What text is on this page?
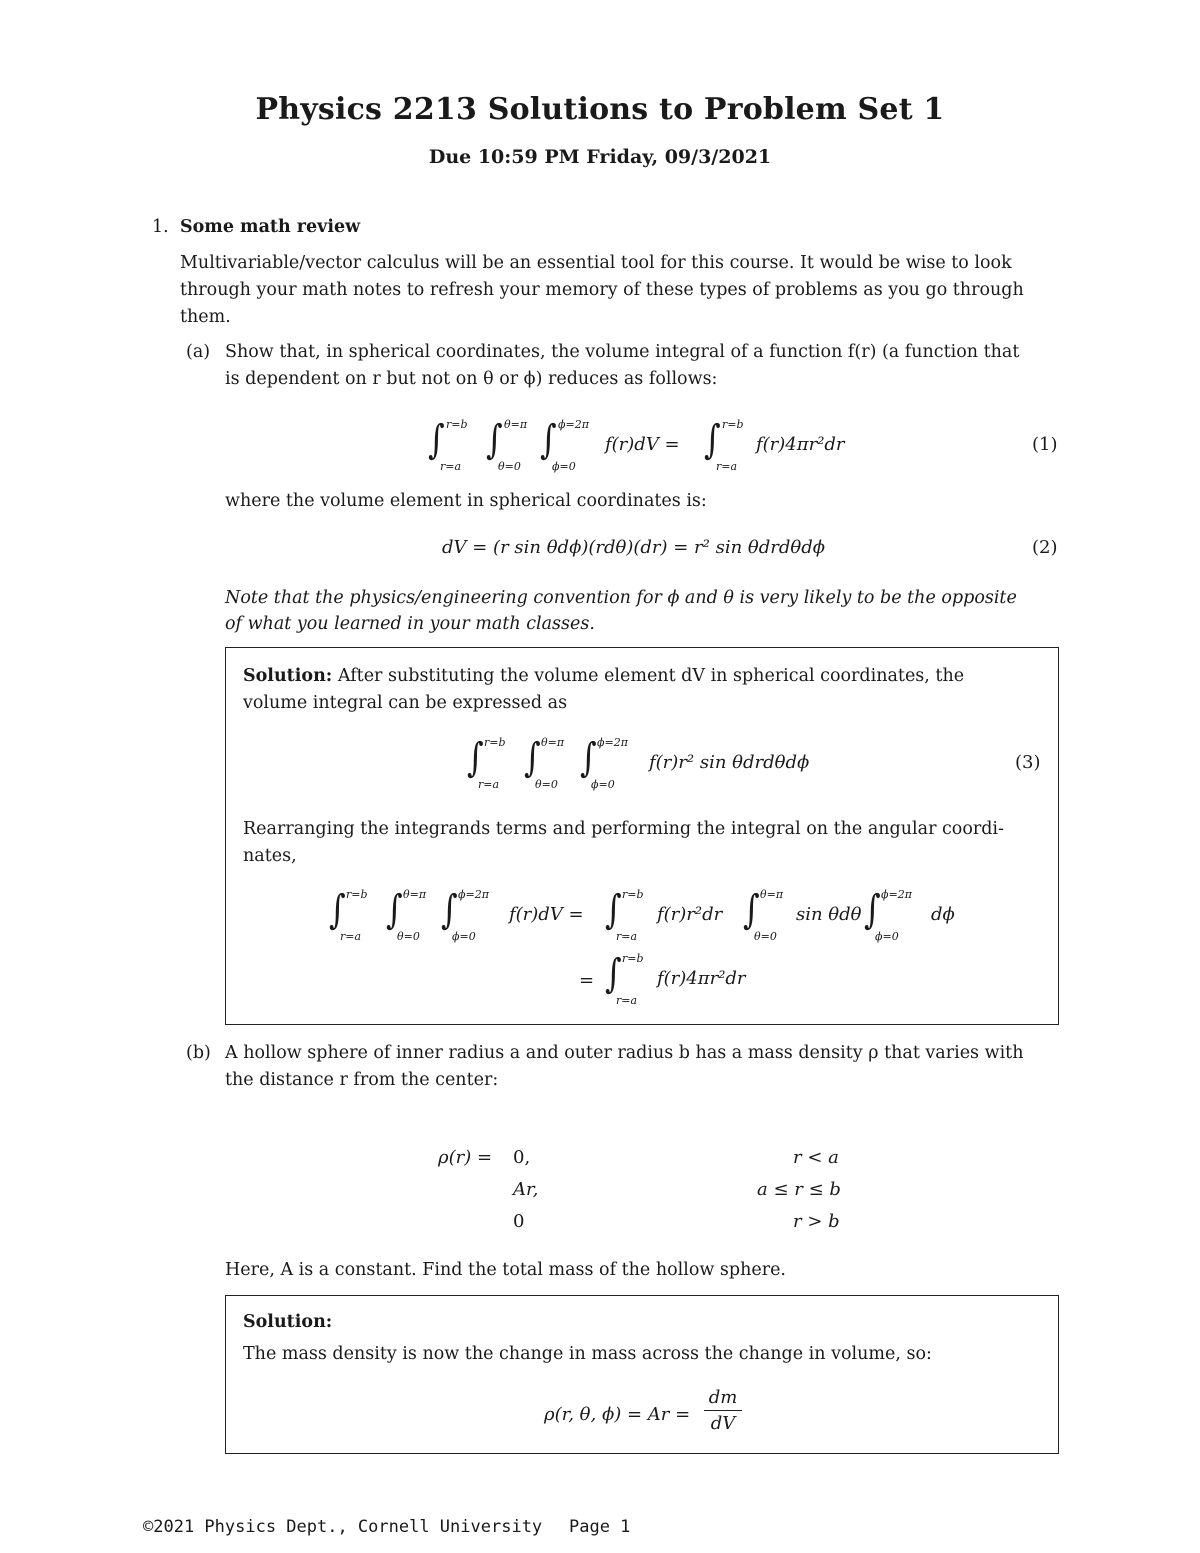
Physics 2213 Solutions to Problem Set 1
Due 10:59 PM Friday, 09/3/2021
1. Some math review
Multivariable/vector calculus will be an essential tool for this course. It would be wise to look
through your math notes to refresh your memory of these types of problems as you go through
them.
(a) Show that, in spherical coordinates, the volume integral of a function f(r) (a function that
is dependent on r but not on θ or ϕ) reduces as follows:
∫ r=b
r=a
∫ θ=π
θ=0
∫ ϕ=2π
ϕ=0
f(r)dV = ∫ r=b
r=a
f(r)4πr²dr	(1)
where the volume element in spherical coordinates is:
dV = (r sin θdϕ)(rdθ)(dr) = r² sin θdrdθdϕ	(2)
Note that the physics/engineering convention for ϕ and θ is very likely to be the opposite
of what you learned in your math classes.
Solution: After substituting the volume element dV in spherical coordinates, the
volume integral can be expressed as
∫ r=b
r=a
∫ θ=π
θ=0
∫ ϕ=2π
ϕ=0
f(r)r² sin θdrdθdϕ	(3)
Rearranging the integrands terms and performing the integral on the angular coordi-
nates,
∫ r=b
r=a
∫ θ=π
θ=0
∫ ϕ=2π
ϕ=0
f(r)dV = ∫ r=b
r=a
f(r)r²dr ∫ θ=π
θ=0
sin θdθ ∫ ϕ=2π
ϕ=0
dϕ
= ∫ r=b
r=a
f(r)4πr²dr
(b) A hollow sphere of inner radius a and outer radius b has a mass density ρ that varies with
the distance r from the center:
ρ(r) = 0,	r < a
Ar,	a ≤ r ≤ b
0	r > b
Here, A is a constant. Find the total mass of the hollow sphere.
Solution:
The mass density is now the change in mass across the change in volume, so:
ρ(r, θ, ϕ) = Ar =
dm
dV
©2021 Physics Dept., Cornell University Page 1
